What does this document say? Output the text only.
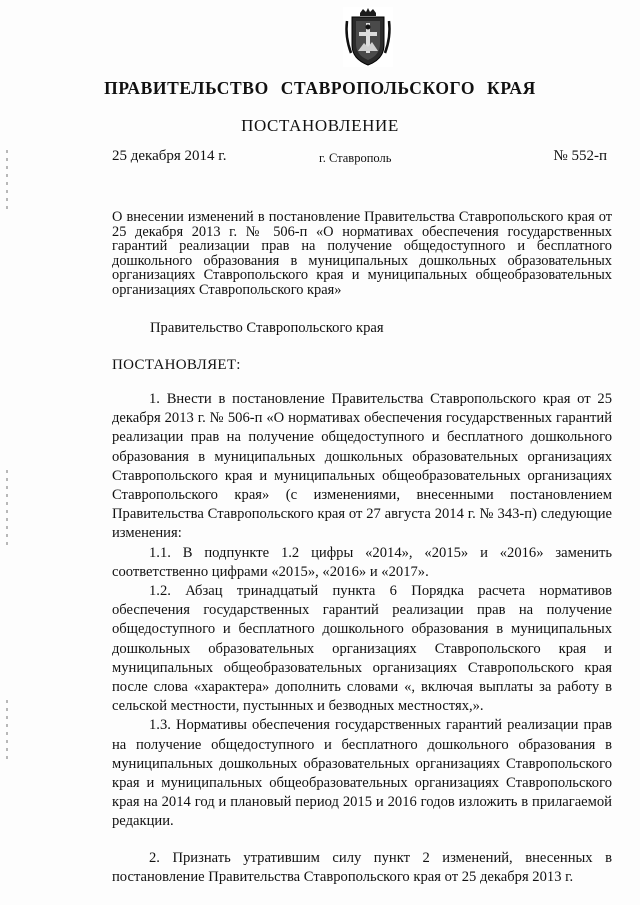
ПРАВИТЕЛЬСТВО СТАВРОПОЛЬСКОГО КРАЯ
ПОСТАНОВЛЕНИЕ
25 декабря 2014 г.	г. Ставрополь	№ 552-п
О внесении изменений в постановление Правительства Ставропольского края от 25 декабря 2013 г. № 506-п «О нормативах обеспечения государственных гарантий реализации прав на получение общедоступного и бесплатного дошкольного образования в муниципальных дошкольных образовательных организациях Ставропольского края и муниципальных общеобразовательных организациях Ставропольского края»
Правительство Ставропольского края
ПОСТАНОВЛЯЕТ:

1. Внести в постановление Правительства Ставропольского края от 25 декабря 2013 г. № 506-п «О нормативах обеспечения государственных гарантий реализации прав на получение общедоступного и бесплатного дошкольного образования в муниципальных дошкольных образовательных организациях Ставропольского края и муниципальных общеобразовательных организациях Ставропольского края» (с изменениями, внесенными постановлением Правительства Ставропольского края от 27 августа 2014 г. № 343-п) следующие изменения:

1.1. В подпункте 1.2 цифры «2014», «2015» и «2016» заменить соответственно цифрами «2015», «2016» и «2017».

1.2. Абзац тринадцатый пункта 6 Порядка расчета нормативов обеспечения государственных гарантий реализации прав на получение общедоступного и бесплатного дошкольного образования в муниципальных дошкольных образовательных организациях Ставропольского края и муниципальных общеобразовательных организациях Ставропольского края после слова «характера» дополнить словами «, включая выплаты за работу в сельской местности, пустынных и безводных местностях,».

1.3. Нормативы обеспечения государственных гарантий реализации прав на получение общедоступного и бесплатного дошкольного образования в муниципальных дошкольных образовательных организациях Ставропольского края и муниципальных общеобразовательных организациях Ставропольского края на 2014 год и плановый период 2015 и 2016 годов изложить в прилагаемой редакции.

2. Признать утратившим силу пункт 2 изменений, внесенных в постановление Правительства Ставропольского края от 25 декабря 2013 г.
